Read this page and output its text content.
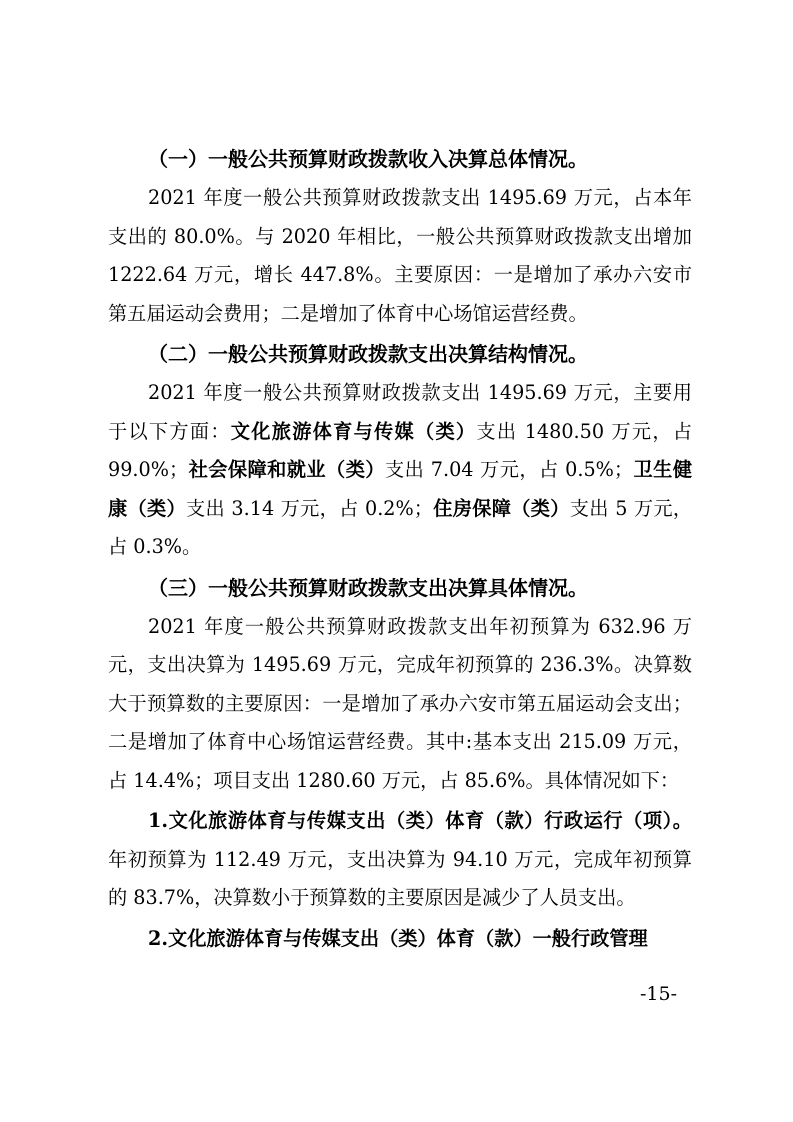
（一）一般公共预算财政拨款收入决算总体情况。

2021 年度一般公共预算财政拨款支出 1495.69 万元，占本年支出的 80.0%。与 2020 年相比，一般公共预算财政拨款支出增加 1222.64 万元，增长 447.8%。主要原因：一是增加了承办六安市第五届运动会费用；二是增加了体育中心场馆运营经费。

（二）一般公共预算财政拨款支出决算结构情况。

2021 年度一般公共预算财政拨款支出 1495.69 万元，主要用于以下方面：文化旅游体育与传媒（类）支出 1480.50 万元，占 99.0%；社会保障和就业（类）支出 7.04 万元，占 0.5%；卫生健康（类）支出 3.14 万元，占 0.2%；住房保障（类）支出 5 万元，占 0.3%。

（三）一般公共预算财政拨款支出决算具体情况。

2021 年度一般公共预算财政拨款支出年初预算为 632.96 万元，支出决算为 1495.69 万元，完成年初预算的 236.3%。决算数大于预算数的主要原因：一是增加了承办六安市第五届运动会支出；二是增加了体育中心场馆运营经费。其中:基本支出 215.09 万元，占 14.4%；项目支出 1280.60 万元，占 85.6%。具体情况如下：

1.文化旅游体育与传媒支出（类）体育（款）行政运行（项）。年初预算为 112.49 万元，支出决算为 94.10 万元，完成年初预算的 83.7%，决算数小于预算数的主要原因是减少了人员支出。

2.文化旅游体育与传媒支出（类）体育（款）一般行政管理

-15-
